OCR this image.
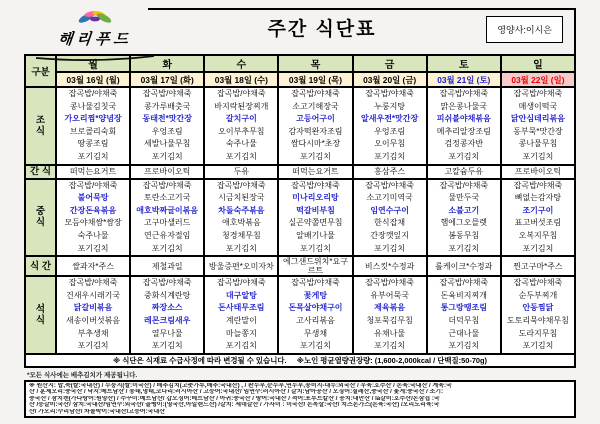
해리푸드	주간 식단표	영양사:이시은
구분	월	화	수	목	금	토	일
	03월 16일 (월)	03월 17일 (화)	03월 18일 (수)	03월 19일 (목)	03월 20일 (금)	03월 21일 (토)	03월 22일 (일)

조
식

잡곡밥/야채죽
콩나물김칫국
가오리찜*양념장
브로콜리숙회
땅콩조림
포기김치

잡곡밥/야채죽
콩가루배춧국
동태전*맛간장
우엉조림
세발나물무침
포기김치

잡곡밥/야채죽
바지락된장찌개
갈치구이
오이부추무침
숙주나물
포기김치

잡곡밥/야채죽
소고기해장국
고등어구이
감자떡완자조림
쌈다시마*초장
포기김치

잡곡밥/야채죽
누룽지탕
알새우전*맛간장
우엉조림
오이무침
포기김치

잡곡밥/야채죽
맑은콩나물국
피쉬볼야채볶음
메추리알장조림
검정콩자반
포기김치

잡곡밥/야채죽
매생이떡국
닭안심데리볶음
동부묵*맛간장
콩나물무침
포기김치

간 식	떠먹는요거트	프로바이오틱	두유	떠먹는요거트	홍삼주스	고칼슘두유	프로바이오틱

중
식

잡곡밥/야채죽
불어묵탕
간장돈육볶음
모듬야채쌈*쌈장
숙주나물
포기김치

잡곡밥/야채죽
토란소고기국
애호박짜글이볶음
고구마샐러드
연근유자절임
포기김치

잡곡밥/야채죽
시금치된장국
차돌숙주볶음
애호박볶음
청경채무침
포기김치

잡곡밥/야채죽
미나리오리탕
떡갈비부침
실곤약쫄면무침
알배기나물
포기김치

잡곡밥/야채죽
소고기미역국
임연수구이
한식잡채
간장깻잎지
포기김치

잡곡밥/야채죽
물만두국
소불고기
햄에그오믈렛
봄동무침
포기김치

잡곡밥/야채죽
뼈없는감자탕
조기구이
표고버섯조림
오복지무침
포기김치

식 간	쌀과자*주스	제철과일	방울증편*오미자차	에그샌드위치*요구르트	비스킷*수정과	롤케이크*수정과	찐고구마*주스

석
식

잡곡밥/야채죽
건새우시래기국
닭갈비볶음
새송이버섯볶음
부추생채
포기김치

잡곡밥/야채죽
중화식계란탕
짜장소스
레몬크림새우
열무나물
포기김치

잡곡밥/야채죽
대구알탕
돈사태무조림
계란말이
마늘쫑지
포기김치

잡곡밥/야채죽
꽃게탕
돈목살야채구이
고사리볶음
무생채
포기김치

잡곡밥/야채죽
유부어묵국
제육볶음
청포묵김무침
유채나물
포기김치

잡곡밥/야채죽
돈육비지찌개
통그랑땡조림
더덕무침
근대나물
포기김치

잡곡밥/야채죽
순두부찌개
안동찜닭
도토리묵야채무침
도라지무침
포기김치

※ 식단은 식재료 수급사정에 따라 변경될 수 있습니다.     ※노인 평균열량권장량: (1,600-2,000kcal / 단백질:50-70g)							
*모든 식사에는 배추김치가 제공됩니다.
※ 원산지: 밥,죽(쌀:국내산) / 누룽지(쌀:미국산) / 배추김치(고춧가루,배추:국내산) , / 판두부,순두부,연두부,콩비지-대두:외국산 / 우육:호주산 / 돈육:국내산 / 계육:국
산 / 훈제오리:중국산 / 낙지:베트남산 / 동태,명태,코다리:러시아산 / 고등어:국내산/ 임연수:러시아산 / 갈치:남아공산 / 오징어:칠레산,중국산 / 꽃게:중국산 / 조기:
중국산 / 참치캔(가다랑어:원양산) / 주꾸미:베트남산/ 갑오징어:베트남산 / 아귀:중국산 / 방어:국내산 / 적어:포루트칼산 / 꽁치:대만산 / la갈비:호주산/돈삼겹 :국
산 /등갈비:국산/ 삼치:국내산/임연수:외국산/ 골뱅이:(영국산,아일랜드산) /갈치: 세네갈산 / 가자미 : 미국산/ 돈목살:국산/ 치즈돈가스(돈육:국산) /오리도리육:국
산/ 가오리:수리남산/ 차돌박이:국내산/고등어:국내산
